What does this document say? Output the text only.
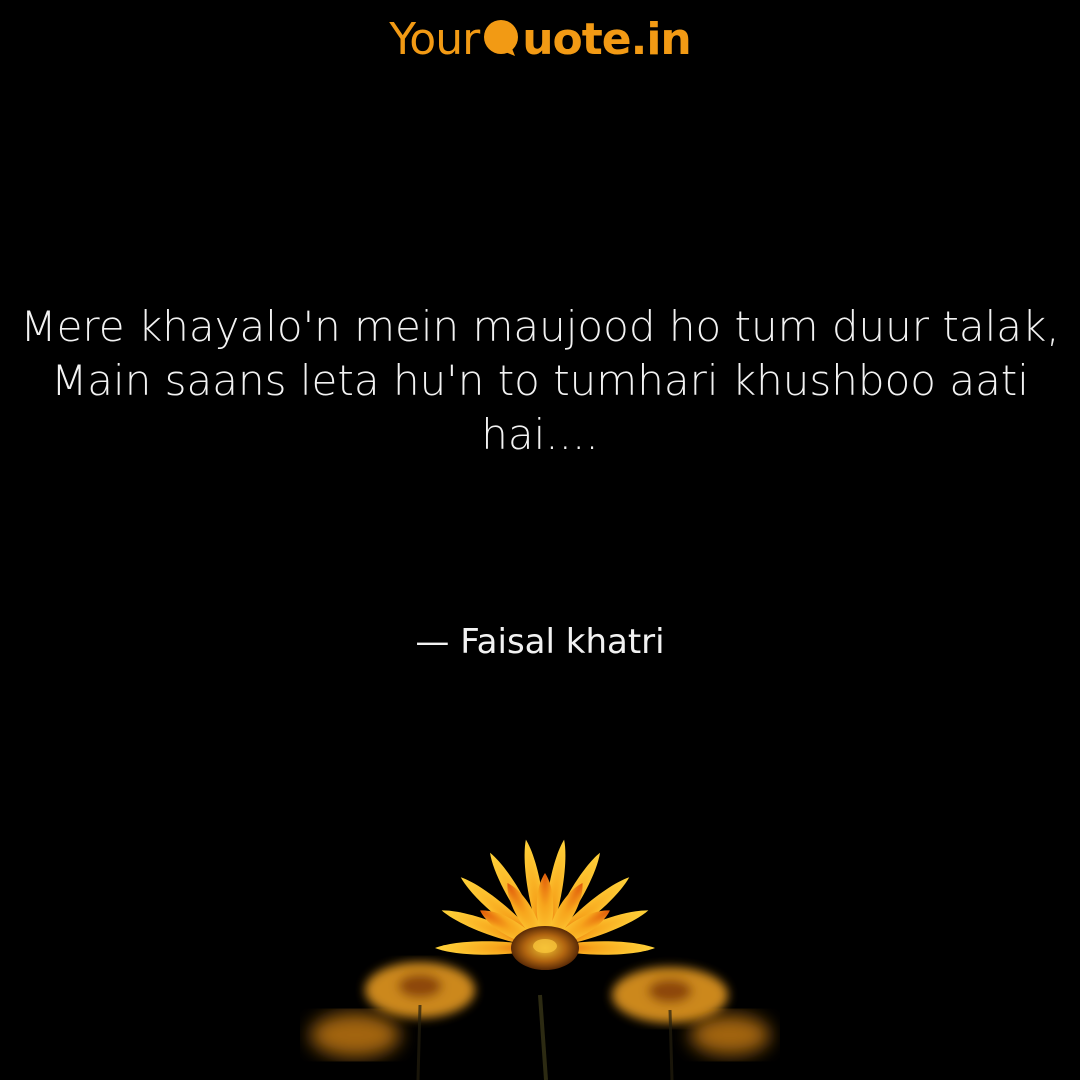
Your uote.in
Mere khayalo'n mein maujood ho tum duur talak,
Main saans leta hu'n to tumhari khushboo aati hai....
— Faisal khatri
